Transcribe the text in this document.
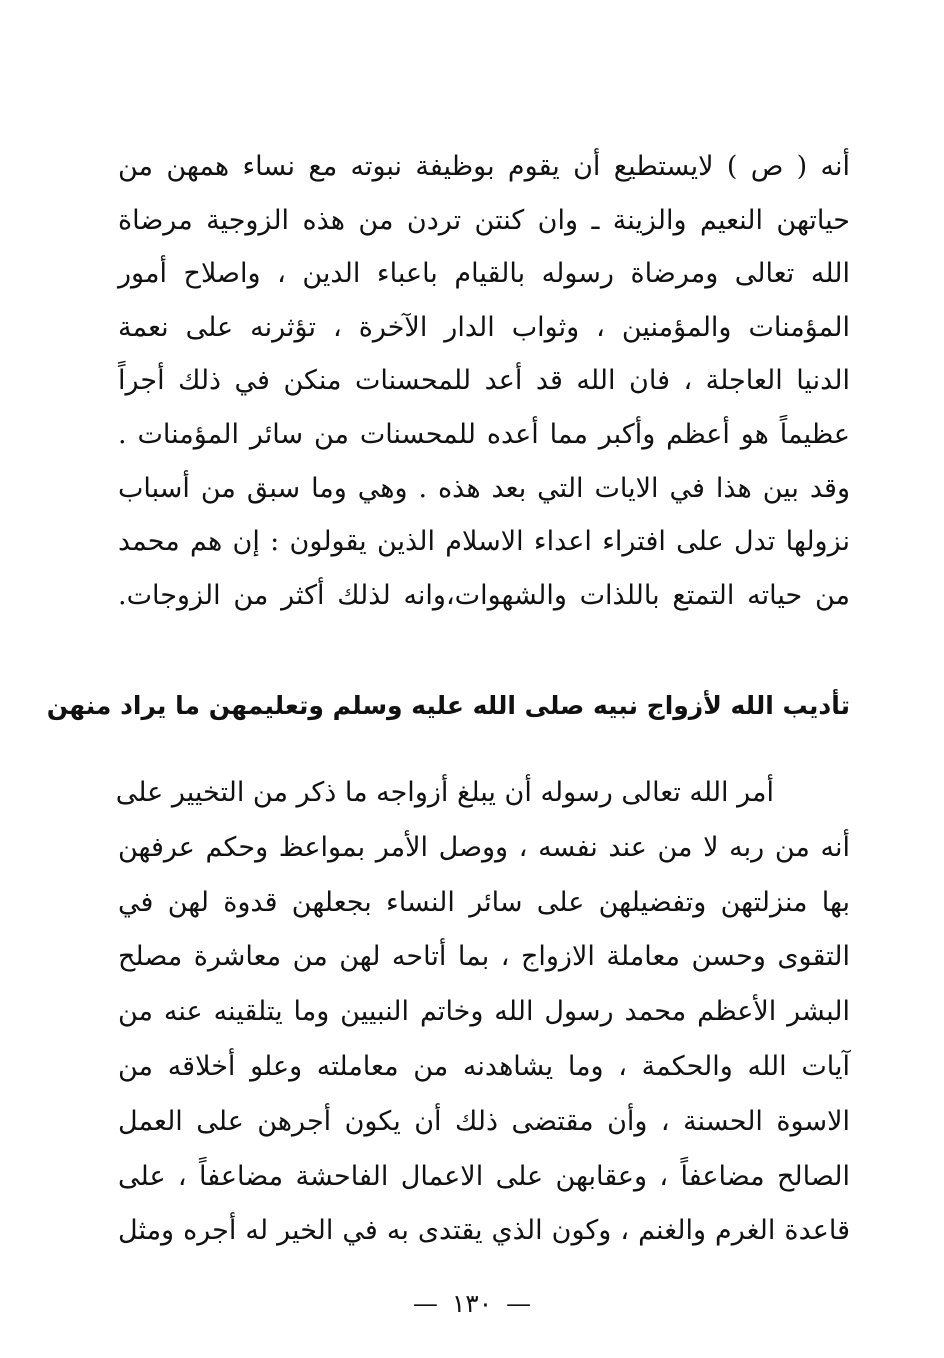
أنه ( ص ) لايستطيع أن يقوم بوظيفة نبوته مع نساء همهن من
حياتهن النعيم والزينة ـ وان كنتن تردن من هذه الزوجية مرضاة
الله تعالى ومرضاة رسوله بالقيام باعباء الدين ، واصلاح أمور
المؤمنات والمؤمنين ، وثواب الدار الآخرة ، تؤثرنه على نعمة
الدنيا العاجلة ، فان الله قد أعد للمحسنات منكن في ذلك أجراً
عظيماً هو أعظم وأكبر مما أعده للمحسنات من سائر المؤمنات .
وقد بين هذا في الايات التي بعد هذه . وهي وما سبق من أسباب
نزولها تدل على افتراء اعداء الاسلام الذين يقولون : إن هم محمد
من حياته التمتع باللذات والشهوات،وانه لذلك أكثر من الزوجات.
تأديب الله لأزواج نبيه صلى الله عليه وسلم وتعليمهن ما يراد منهن
أمر الله تعالى رسوله أن يبلغ أزواجه ما ذكر من التخيير على
أنه من ربه لا من عند نفسه ، ووصل الأمر بمواعظ وحكم عرفهن
بها منزلتهن وتفضيلهن على سائر النساء بجعلهن قدوة لهن في
التقوى وحسن معاملة الازواج ، بما أتاحه لهن من معاشرة مصلح
البشر الأعظم محمد رسول الله وخاتم النبيين وما يتلقينه عنه من
آيات الله والحكمة ، وما يشاهدنه من معاملته وعلو أخلاقه من
الاسوة الحسنة ، وأن مقتضى ذلك أن يكون أجرهن على العمل
الصالح مضاعفاً ، وعقابهن على الاعمال الفاحشة مضاعفاً ، على
قاعدة الغرم والغنم ، وكون الذي يقتدى به في الخير له أجره ومثل
—١٣٠—
